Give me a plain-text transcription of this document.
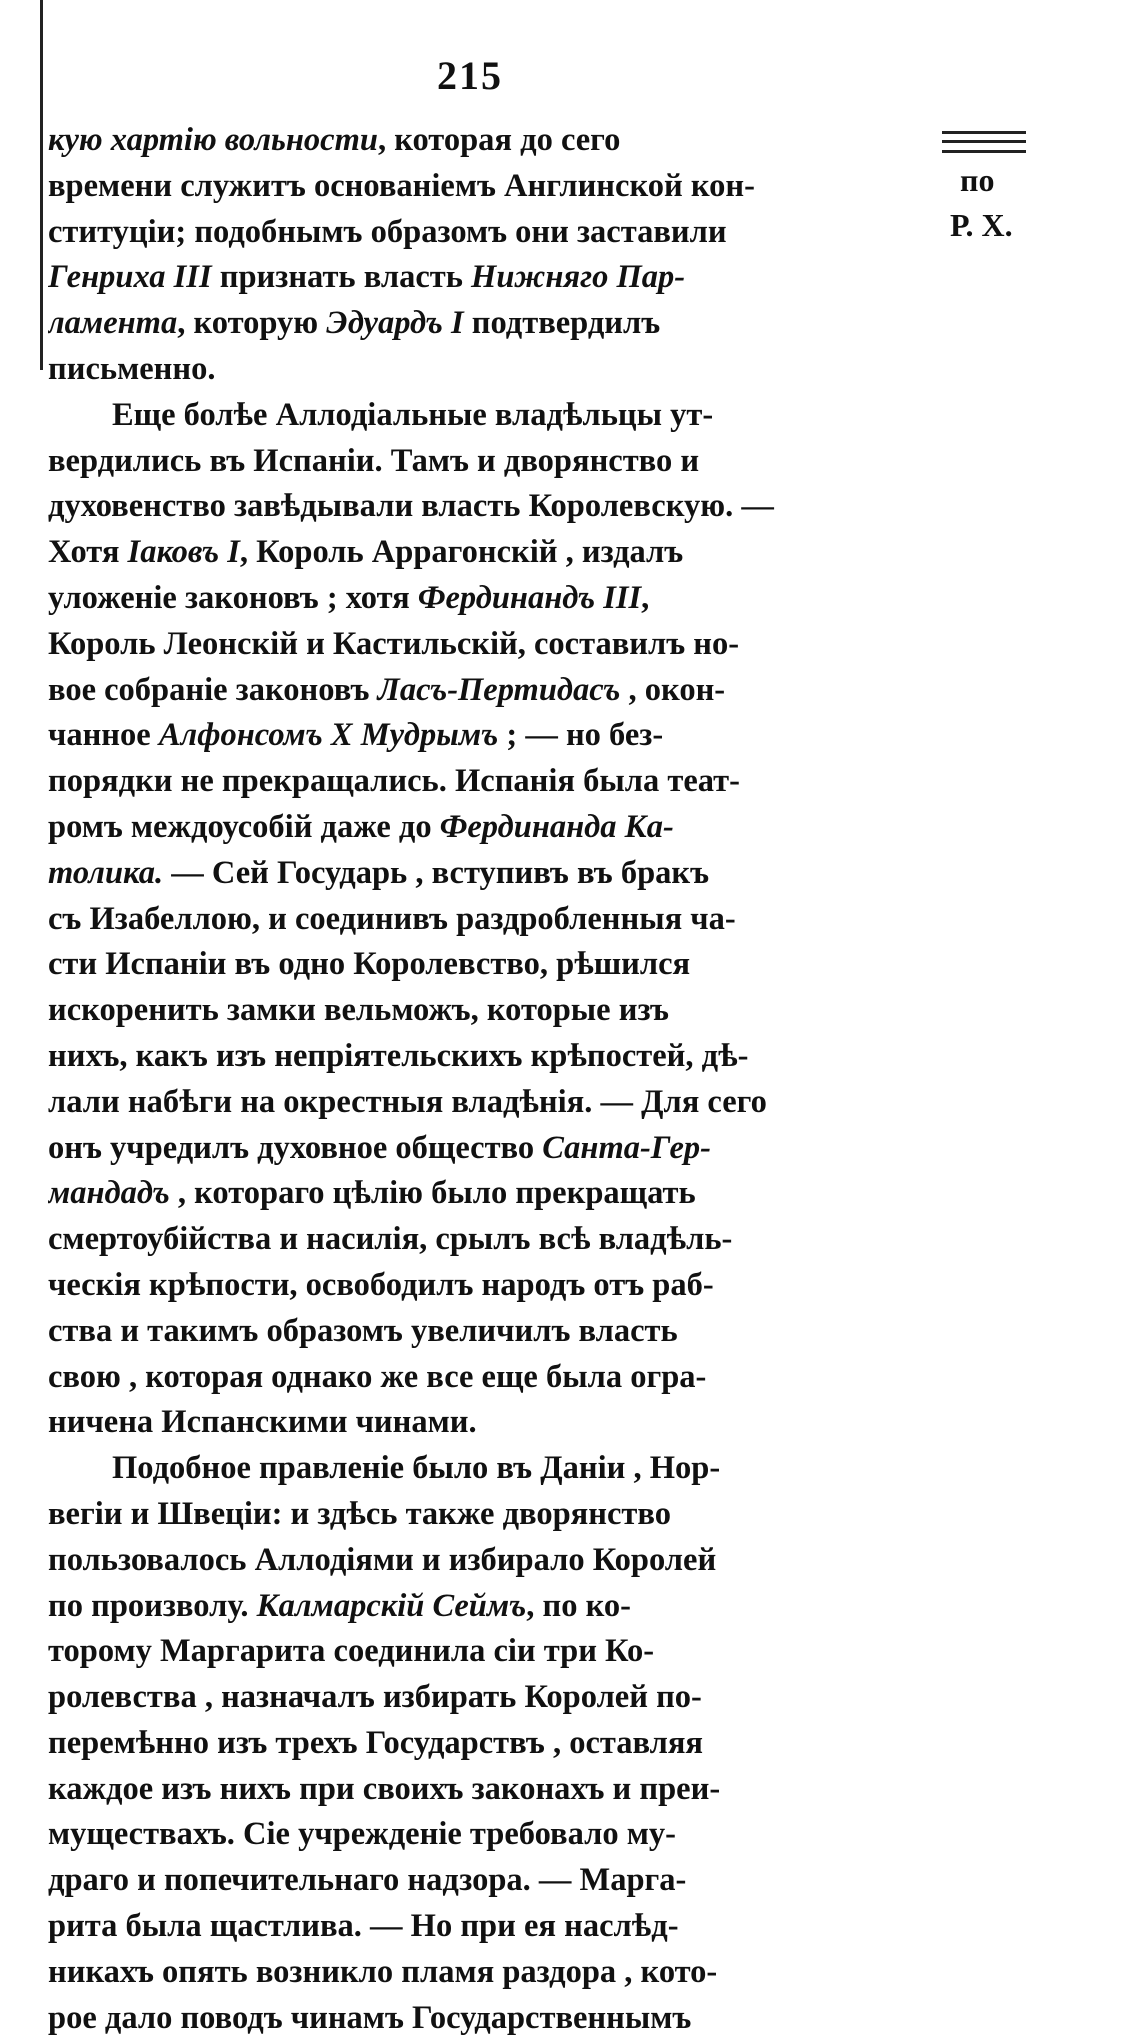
215
по
Р. Х.
кую хартію вольности, которая до сего
времени служитъ основаніемъ Англинской кон-
ституціи; подобнымъ образомъ они заставили
Генриха III признать власть Нижняго Пар-
ламента, которую Эдуардъ I подтвердилъ
письменно.
Еще болѣе Аллодіальные владѣльцы ут-
вердились въ Испаніи. Тамъ и дворянство и
духовенство завѣдывали власть Королевскую. —
Хотя Іаковъ I, Король Аррагонскій , издалъ
уложеніе законовъ ; хотя Фердинандъ III,
Король Леонскій и Кастильскій, составилъ но-
вое собраніе законовъ Ласъ-Пертидасъ , окон-
чанное Алфонсомъ Х Мудрымъ ; — но без-
порядки не прекращались. Испанія была теат-
ромъ междоусобій даже до Фердинанда Ка-
толика. — Сей Государь , вступивъ въ бракъ
съ Изабеллою, и соединивъ раздробленныя ча-
сти Испаніи въ одно Королевство, рѣшился
искоренить замки вельможъ, которые изъ
нихъ, какъ изъ непріятельскихъ крѣпостей, дѣ-
лали набѣги на окрестныя владѣнія. — Для сего
онъ учредилъ духовное общество Санта-Гер-
мандадъ , котораго цѣлію было прекращать
смертоубійства и насилія, срылъ всѣ владѣль-
ческія крѣпости, освободилъ народъ отъ раб-
ства и такимъ образомъ увеличилъ власть
свою , которая однако же все еще была огра-
ничена Испанскими чинами.
Подобное правленіе было въ Даніи , Нор-
вегіи и Швеціи: и здѣсь также дворянство
пользовалось Аллодіями и избирало Королей
по произволу. Калмарскій Сеймъ, по ко-
торому Маргарита соединила сіи три Ко-
ролевства , назначалъ избирать Королей по-
перемѣнно изъ трехъ Государствъ , оставляя
каждое изъ нихъ при своихъ законахъ и преи-
муществахъ. Сіе учрежденіе требовало му-
драго и попечительнаго надзора. — Марга-
рита была щастлива. — Но при ея наслѣд-
никахъ опять возникло пламя раздора , кото-
рое дало поводъ чинамъ Государственнымъ
